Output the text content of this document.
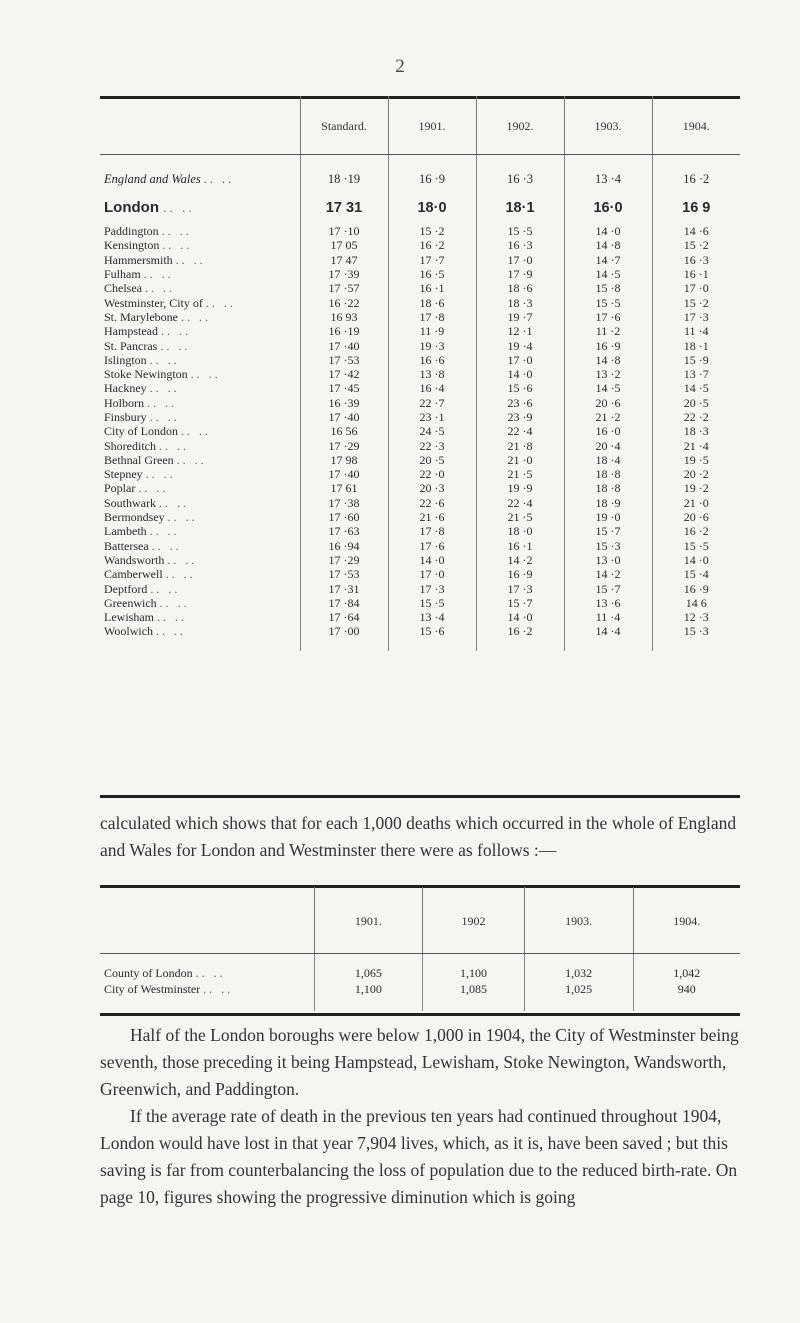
2
	Standard.	1901.	1902.	1903.	1904.

England and Wales .. ..	18 ·19	16 ·9	16 ·3	13 ·4	16 ·2
London .. ..	17 31	18·0	18·1	16·0	16 9
Paddington .. ..	17 ·10	15 ·2	15 ·5	14 ·0	14 ·6
Kensington .. ..	17 05	16 ·2	16 ·3	14 ·8	15 ·2
Hammersmith .. ..	17 47	17 ·7	17 ·0	14 ·7	16 ·3
Fulham .. ..	17 ·39	16 ·5	17 ·9	14 ·5	16 ·1
Chelsea .. ..	17 ·57	16 ·1	18 ·6	15 ·8	17 ·0
Westminster, City of .. ..	16 ·22	18 ·6	18 ·3	15 ·5	15 ·2
St. Marylebone .. ..	16 93	17 ·8	19 ·7	17 ·6	17 ·3
Hampstead .. ..	16 ·19	11 ·9	12 ·1	11 ·2	11 ·4
St. Pancras .. ..	17 ·40	19 ·3	19 ·4	16 ·9	18 ·1
Islington .. ..	17 ·53	16 ·6	17 ·0	14 ·8	15 ·9
Stoke Newington .. ..	17 ·42	13 ·8	14 ·0	13 ·2	13 ·7
Hackney .. ..	17 ·45	16 ·4	15 ·6	14 ·5	14 ·5
Holborn .. ..	16 ·39	22 ·7	23 ·6	20 ·6	20 ·5
Finsbury .. ..	17 ·40	23 ·1	23 ·9	21 ·2	22 ·2
City of London .. ..	16 56	24 ·5	22 ·4	16 ·0	18 ·3
Shoreditch .. ..	17 ·29	22 ·3	21 ·8	20 ·4	21 ·4
Bethnal Green .. ..	17 98	20 ·5	21 ·0	18 ·4	19 ·5
Stepney .. ..	17 ·40	22 ·0	21 ·5	18 ·8	20 ·2
Poplar .. ..	17 61	20 ·3	19 ·9	18 ·8	19 ·2
Southwark .. ..	17 ·38	22 ·6	22 ·4	18 ·9	21 ·0
Bermondsey .. ..	17 ·60	21 ·6	21 ·5	19 ·0	20 ·6
Lambeth .. ..	17 ·63	17 ·8	18 ·0	15 ·7	16 ·2
Battersea .. ..	16 ·94	17 ·6	16 ·1	15 ·3	15 ·5
Wandsworth .. ..	17 ·29	14 ·0	14 ·2	13 ·0	14 ·0
Camberwell .. ..	17 ·53	17 ·0	16 ·9	14 ·2	15 ·4
Deptford .. ..	17 ·31	17 ·3	17 ·3	15 ·7	16 ·9
Greenwich .. ..	17 ·84	15 ·5	15 ·7	13 ·6	14 6
Lewisham .. ..	17 ·64	13 ·4	14 ·0	11 ·4	12 ·3
Woolwich .. ..	17 ·00	15 ·6	16 ·2	14 ·4	15 ·3

calculated which shows that for each 1,000 deaths which occurred in the whole of England and Wales for London and Westminster there were as follows :—

	1901.	1902	1903.	1904.

County of London .. ..	1,065	1,100	1,032	1,042
City of Westminster .. ..	1,100	1,085	1,025	940

Half of the London boroughs were below 1,000 in 1904, the City of Westminster being seventh, those preceding it being Hampstead, Lewisham, Stoke Newington, Wandsworth, Greenwich, and Paddington.

If the average rate of death in the previous ten years had continued throughout 1904, London would have lost in that year 7,904 lives, which, as it is, have been saved ; but this saving is far from counterbalancing the loss of population due to the reduced birth-rate. On page 10, figures showing the progressive diminution which is going
